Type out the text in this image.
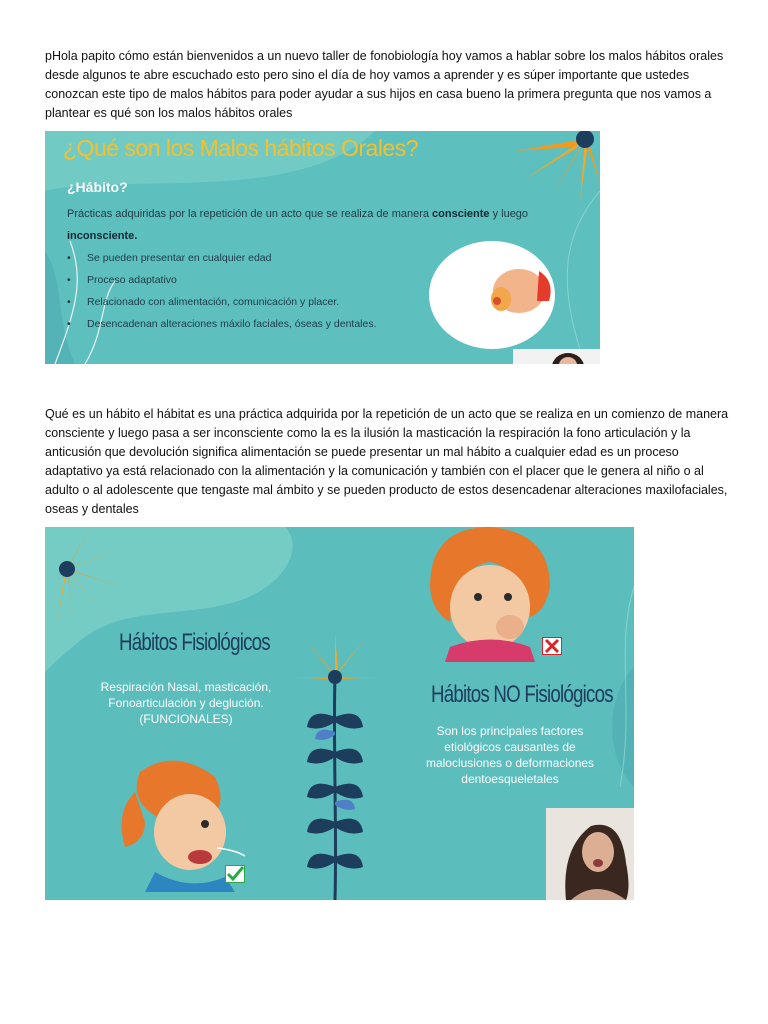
pHola papito cómo están bienvenidos a un nuevo taller de fonobiología hoy vamos a hablar sobre los malos hábitos orales desde algunos te abre escuchado esto pero sino el día de hoy vamos a aprender y es súper importante que ustedes conozcan este tipo de malos hábitos para poder ayudar a sus hijos en casa bueno la primera pregunta que nos vamos a plantear es qué son los malos hábitos orales

¿Qué son los Malos hábitos Orales?
¿Hábito?
Prácticas adquiridas por la repetición de un acto que se realiza de manera consciente y luego
inconsciente.
• Se pueden presentar en cualquier edad
• Proceso adaptativo
• Relacionado con alimentación, comunicación y placer.
• Desencadenan alteraciones máxilo faciales, óseas y dentales.

Qué es un hábito el hábitat es una práctica adquirida por la repetición de un acto que se realiza en un comienzo de manera consciente y luego pasa a ser inconsciente como la es la ilusión la masticación la respiración la fono articulación y la anticusión que devolución significa alimentación se puede presentar un mal hábito a cualquier edad es un proceso adaptativo ya está relacionado con la alimentación y la comunicación y también con el placer que le genera al niño o al adulto o al adolescente que tengaste mal ámbito y se pueden producto de estos desencadenar alteraciones maxilofaciales, oseas y dentales

Hábitos Fisiológicos
Respiración Nasal, masticación,
Fonoarticulación y deglución.
(FUNCIONALES)
Hábitos NO Fisiológicos
Son los principales factores
etiológicos causantes de
maloclusiones o deformaciones
dentoesqueletales
